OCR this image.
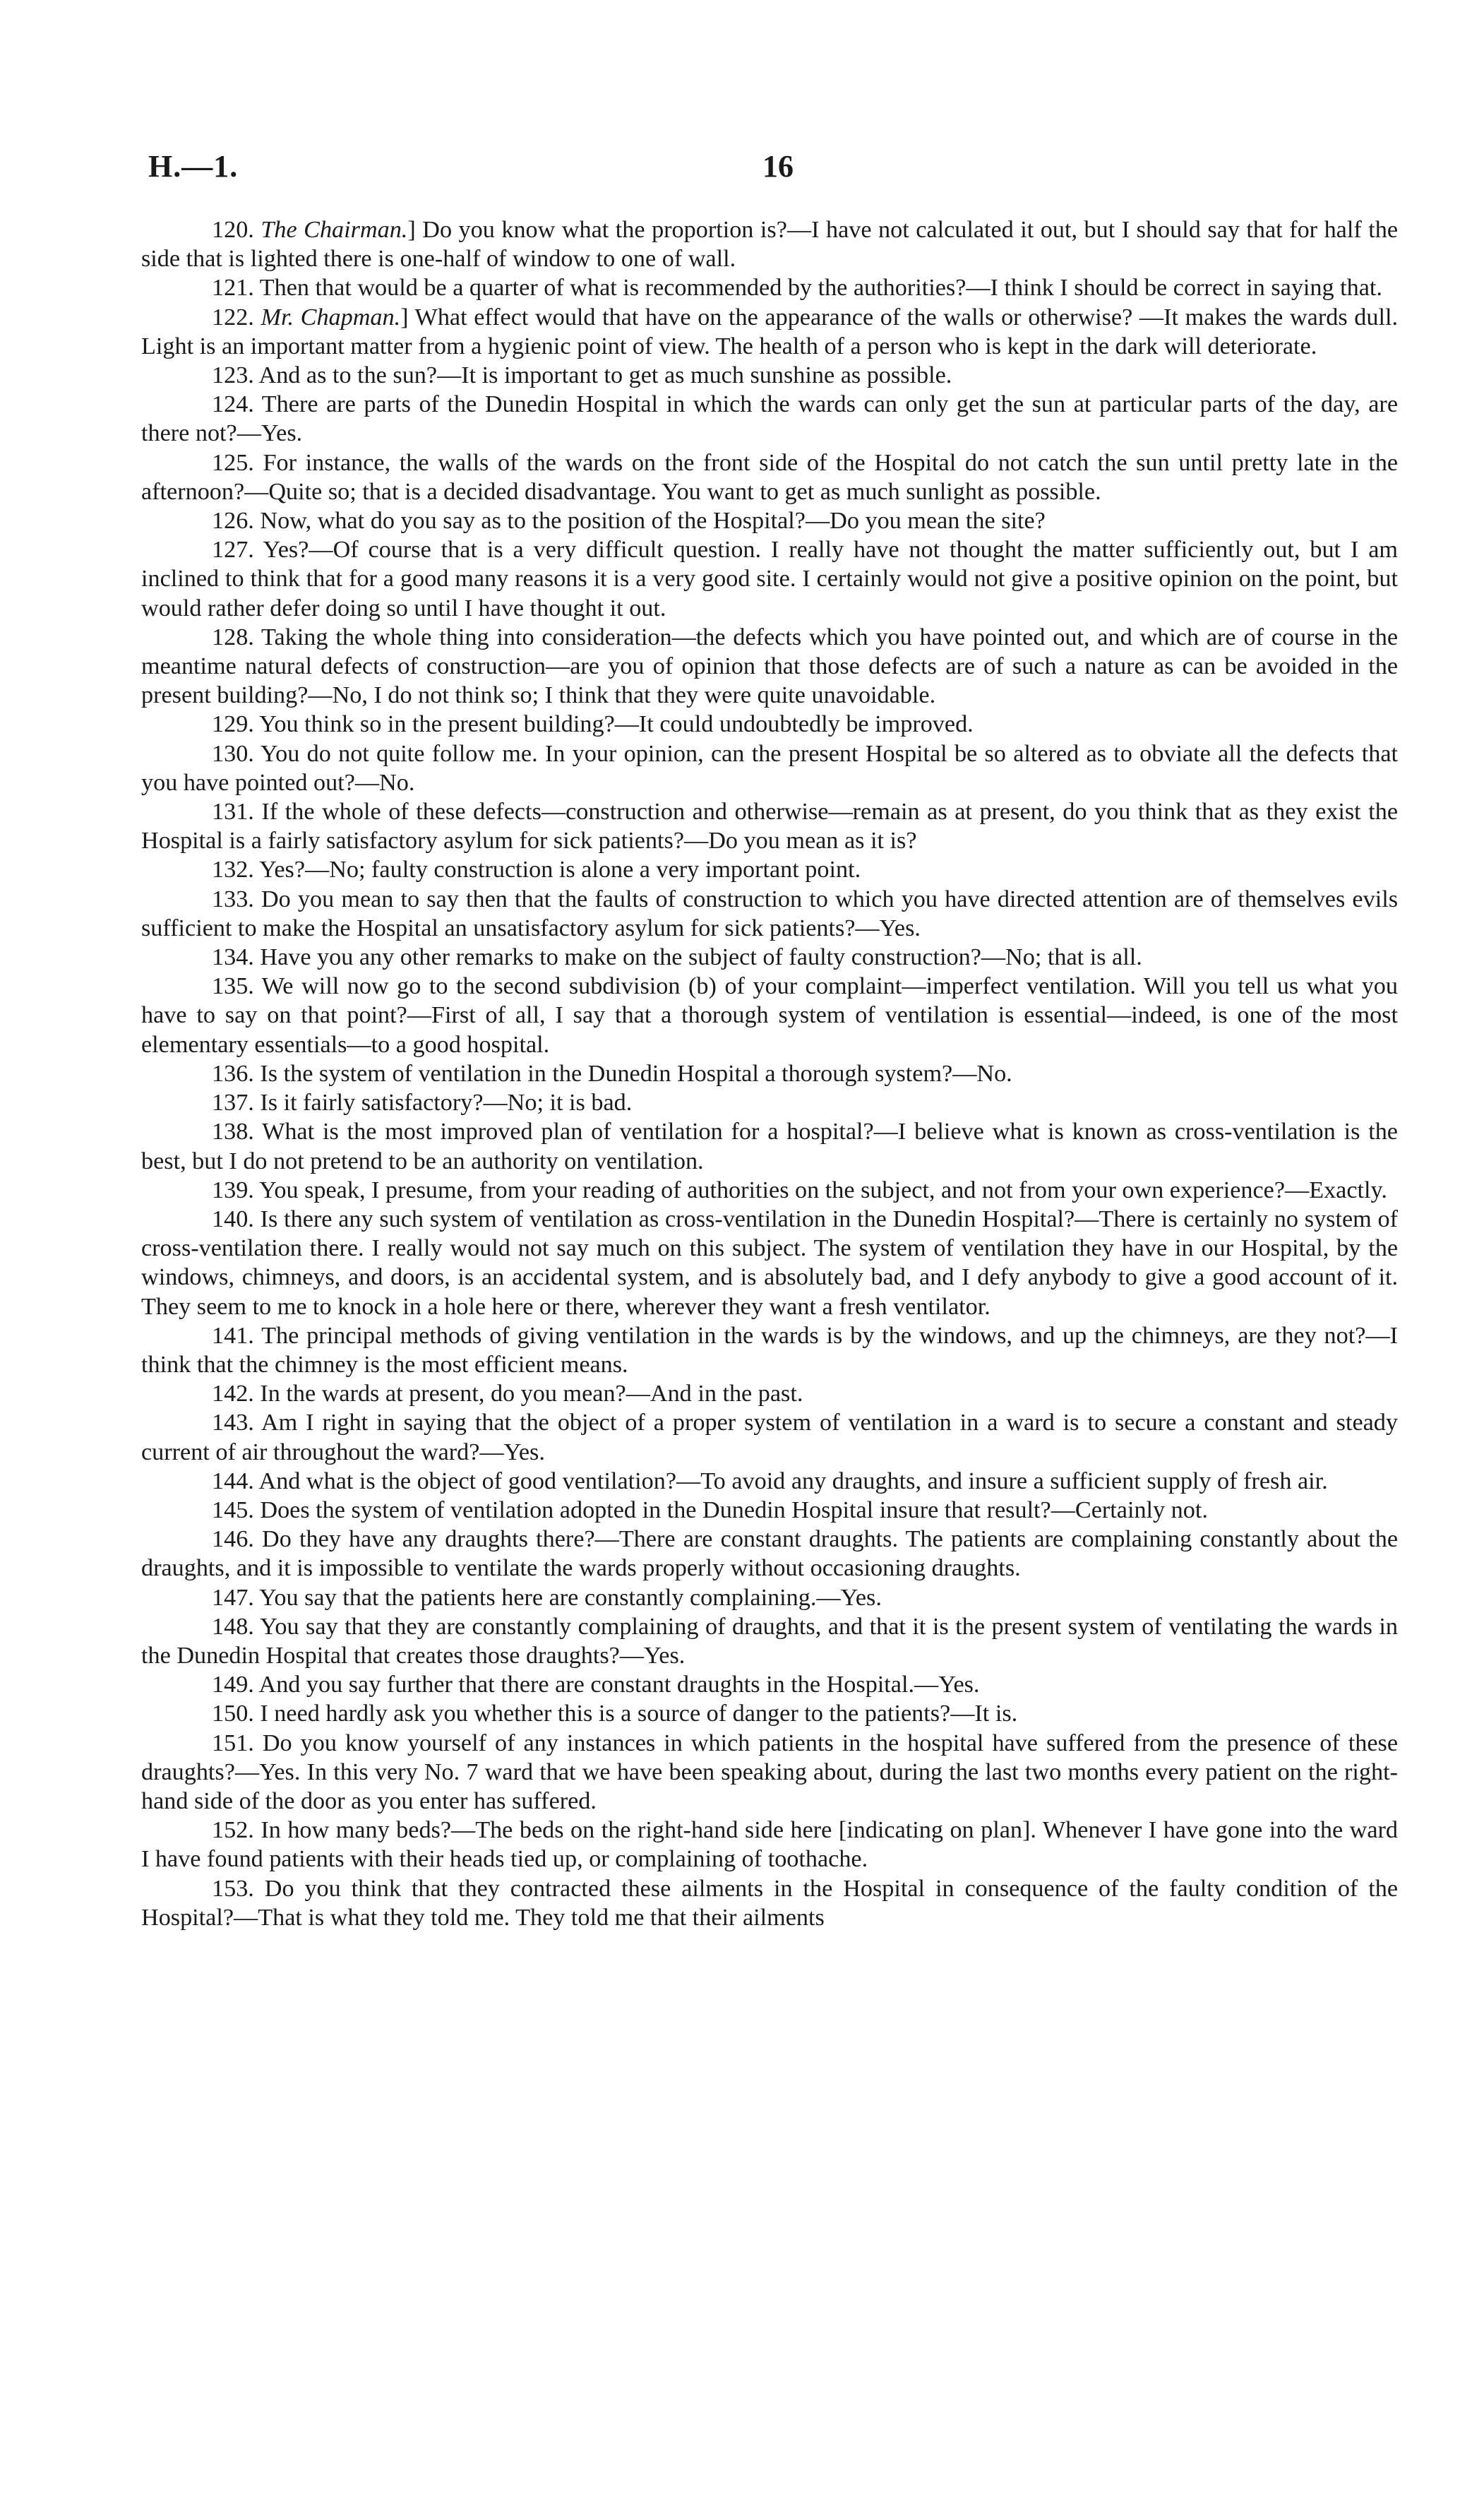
H.—1.	16

120. The Chairman.] Do you know what the proportion is?—I have not calculated it out, but I should say that for half the side that is lighted there is one-half of window to one of wall.

121. Then that would be a quarter of what is recommended by the authorities?—I think I should be correct in saying that.

122. Mr. Chapman.] What effect would that have on the appearance of the walls or otherwise? —It makes the wards dull. Light is an important matter from a hygienic point of view. The health of a person who is kept in the dark will deteriorate.

123. And as to the sun?—It is important to get as much sunshine as possible.

124. There are parts of the Dunedin Hospital in which the wards can only get the sun at particular parts of the day, are there not?—Yes.

125. For instance, the walls of the wards on the front side of the Hospital do not catch the sun until pretty late in the afternoon?—Quite so; that is a decided disadvantage. You want to get as much sunlight as possible.

126. Now, what do you say as to the position of the Hospital?—Do you mean the site?

127. Yes?—Of course that is a very difficult question. I really have not thought the matter sufficiently out, but I am inclined to think that for a good many reasons it is a very good site. I certainly would not give a positive opinion on the point, but would rather defer doing so until I have thought it out.

128. Taking the whole thing into consideration—the defects which you have pointed out, and which are of course in the meantime natural defects of construction—are you of opinion that those defects are of such a nature as can be avoided in the present building?—No, I do not think so; I think that they were quite unavoidable.

129. You think so in the present building?—It could undoubtedly be improved.

130. You do not quite follow me. In your opinion, can the present Hospital be so altered as to obviate all the defects that you have pointed out?—No.

131. If the whole of these defects—construction and otherwise—remain as at present, do you think that as they exist the Hospital is a fairly satisfactory asylum for sick patients?—Do you mean as it is?

132. Yes?—No; faulty construction is alone a very important point.

133. Do you mean to say then that the faults of construction to which you have directed attention are of themselves evils sufficient to make the Hospital an unsatisfactory asylum for sick patients?—Yes.

134. Have you any other remarks to make on the subject of faulty construction?—No; that is all.

135. We will now go to the second subdivision (b) of your complaint—imperfect ventilation. Will you tell us what you have to say on that point?—First of all, I say that a thorough system of ventilation is essential—indeed, is one of the most elementary essentials—to a good hospital.

136. Is the system of ventilation in the Dunedin Hospital a thorough system?—No.

137. Is it fairly satisfactory?—No; it is bad.

138. What is the most improved plan of ventilation for a hospital?—I believe what is known as cross-ventilation is the best, but I do not pretend to be an authority on ventilation.

139. You speak, I presume, from your reading of authorities on the subject, and not from your own experience?—Exactly.

140. Is there any such system of ventilation as cross-ventilation in the Dunedin Hospital?—There is certainly no system of cross-ventilation there. I really would not say much on this subject. The system of ventilation they have in our Hospital, by the windows, chimneys, and doors, is an accidental system, and is absolutely bad, and I defy anybody to give a good account of it. They seem to me to knock in a hole here or there, wherever they want a fresh ventilator.

141. The principal methods of giving ventilation in the wards is by the windows, and up the chimneys, are they not?—I think that the chimney is the most efficient means.

142. In the wards at present, do you mean?—And in the past.

143. Am I right in saying that the object of a proper system of ventilation in a ward is to secure a constant and steady current of air throughout the ward?—Yes.

144. And what is the object of good ventilation?—To avoid any draughts, and insure a sufficient supply of fresh air.

145. Does the system of ventilation adopted in the Dunedin Hospital insure that result?—Certainly not.

146. Do they have any draughts there?—There are constant draughts. The patients are complaining constantly about the draughts, and it is impossible to ventilate the wards properly without occasioning draughts.

147. You say that the patients here are constantly complaining.—Yes.

148. You say that they are constantly complaining of draughts, and that it is the present system of ventilating the wards in the Dunedin Hospital that creates those draughts?—Yes.

149. And you say further that there are constant draughts in the Hospital.—Yes.

150. I need hardly ask you whether this is a source of danger to the patients?—It is.

151. Do you know yourself of any instances in which patients in the hospital have suffered from the presence of these draughts?—Yes. In this very No. 7 ward that we have been speaking about, during the last two months every patient on the right-hand side of the door as you enter has suffered.

152. In how many beds?—The beds on the right-hand side here [indicating on plan]. Whenever I have gone into the ward I have found patients with their heads tied up, or complaining of toothache.

153. Do you think that they contracted these ailments in the Hospital in consequence of the faulty condition of the Hospital?—That is what they told me. They told me that their ailments
